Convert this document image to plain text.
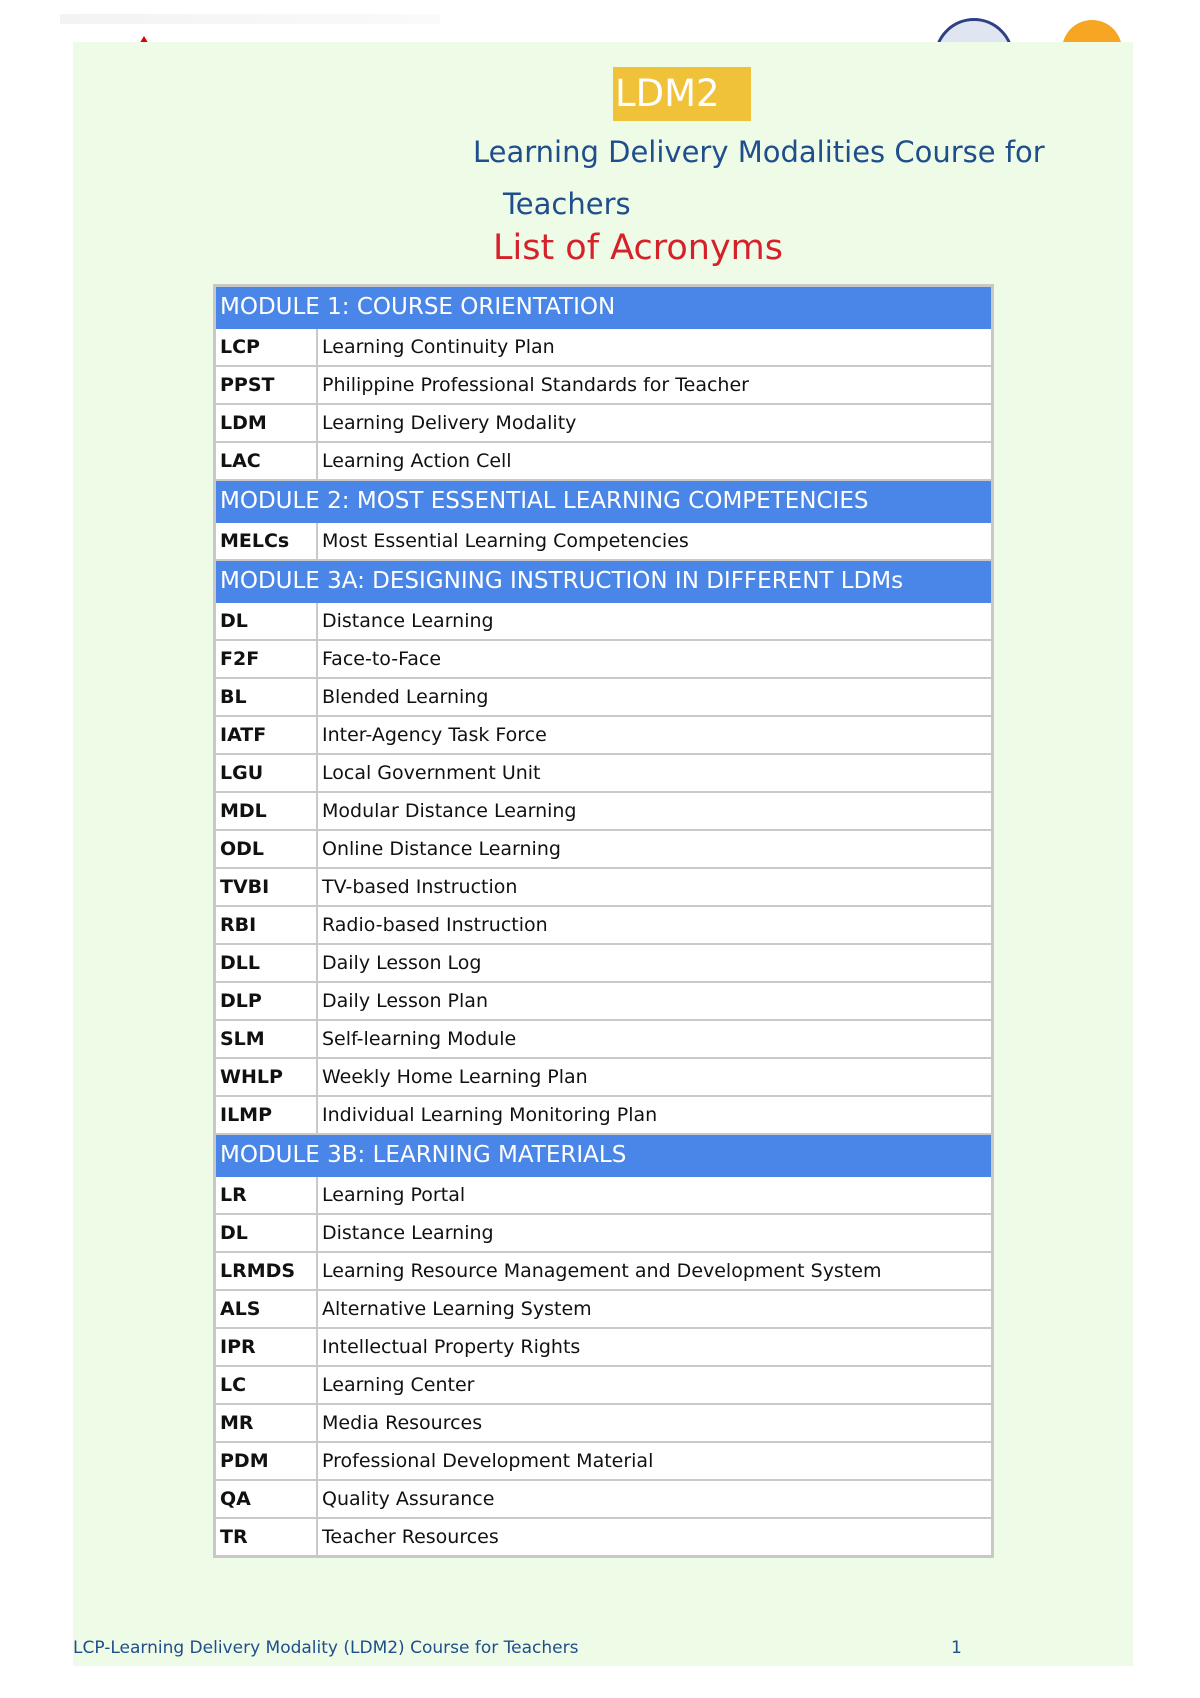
LDM2
Learning Delivery Modalities Course for
Teachers
List of Acronyms
MODULE 1: COURSE ORIENTATION	
LCP	Learning Continuity Plan
PPST	Philippine Professional Standards for Teacher
LDM	Learning Delivery Modality
LAC	Learning Action Cell
MODULE 2: MOST ESSENTIAL LEARNING COMPETENCIES	
MELCs	Most Essential Learning Competencies
MODULE 3A: DESIGNING INSTRUCTION IN DIFFERENT LDMs	
DL	Distance Learning
F2F	Face-to-Face
BL	Blended Learning
IATF	Inter-Agency Task Force
LGU	Local Government Unit
MDL	Modular Distance Learning
ODL	Online Distance Learning
TVBI	TV-based Instruction
RBI	Radio-based Instruction
DLL	Daily Lesson Log
DLP	Daily Lesson Plan
SLM	Self-learning Module
WHLP	Weekly Home Learning Plan
ILMP	Individual Learning Monitoring Plan
MODULE 3B: LEARNING MATERIALS	
LR	Learning Portal
DL	Distance Learning
LRMDS	Learning Resource Management and Development System
ALS	Alternative Learning System
IPR	Intellectual Property Rights
LC	Learning Center
MR	Media Resources
PDM	Professional Development Material
QA	Quality Assurance
TR	Teacher Resources
LCP-Learning Delivery Modality (LDM2) Course for Teachers	1
